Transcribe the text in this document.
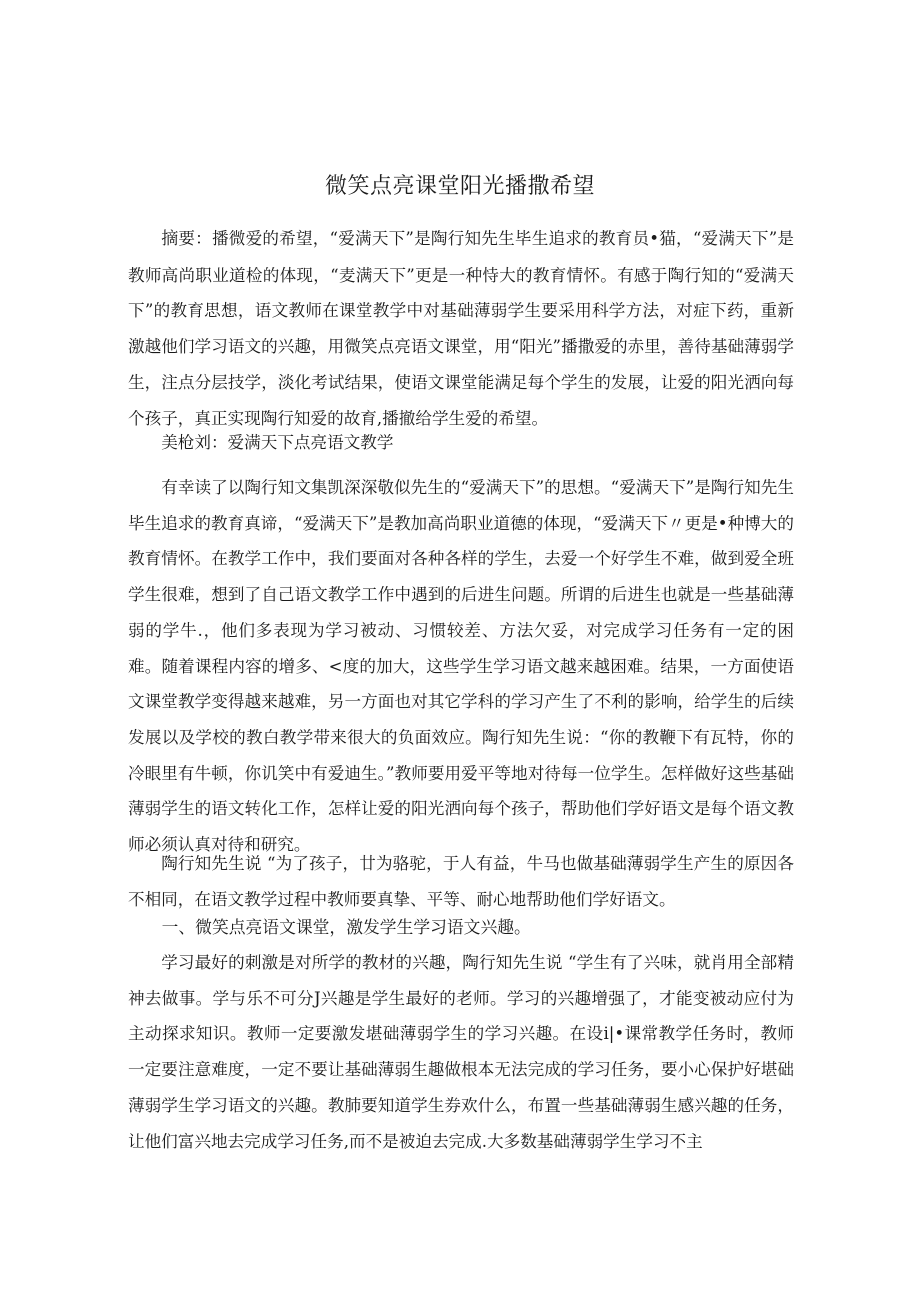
微笑点亮课堂阳光播撒希望

摘要：播微爱的希望，“爱满天下”是陶行知先生毕生追求的教育员•猫，“爱满天下”是教师高尚职业道检的体现，“麦满天下”更是一种恃大的教育情怀。有感于陶行知的“爱满天下”的教育思想，语文教师在课堂教学中对基础薄弱学生要采用科学方法，对症下药，重新激越他们学习语文的兴趣，用微笑点亮语文课堂，用“阳光”播撒爱的赤里，善待基础薄弱学生，注点分层技学，淡化考试结果，使语文课堂能满足每个学生的发展，让爱的阳光洒向每个孩子，真正实现陶行知爱的故育,播撤给学生爱的希望。

美枪刘：爱满天下点亮语文教学

有幸读了以陶行知文集凯深深敬似先生的“爱满天下”的思想。“爱满天下”是陶行知先生毕生追求的教育真谛，“爱满天下”是教加高尚职业道德的体现，“爱满天下〃更是•种博大的教育情怀。在教学工作中，我们要面对各种各样的学生，去爱一个好学生不难，做到爱全班学生很难，想到了自己语文教学工作中遇到的后进生问题。所谓的后进生也就是一些基础薄弱的学牛.，他们多表现为学习被动、习惯较差、方法欠妥，对完成学习任务有一定的困难。随着课程内容的增多、<度的加大，这些学生学习语文越来越困难。结果，一方面使语文课堂教学变得越来越难，另一方面也对其它学科的学习产生了不利的影响，给学生的后续发展以及学校的教白教学带来很大的负面效应。陶行知先生说：“你的教鞭下有瓦特，你的冷眼里有牛顿，你讥笑中有爱迪生。”教师要用爱平等地对待每一位学生。怎样做好这些基础薄弱学生的语文转化工作，怎样让爱的阳光洒向每个孩子，帮助他们学好语文是每个语文教师必须认真对待和研究。

陶行知先生说 “为了孩子，廿为骆驼，于人有益，牛马也做基础薄弱学生产生的原因各不相同，在语文教学过程中教师要真挚、平等、耐心地帮助他们学好语文。

一、微笑点亮语文课堂，激发学生学习语文兴趣。

学习最好的刺激是对所学的教材的兴趣，陶行知先生说 “学生有了兴味，就肖用全部精神去做事。学与乐不可分J兴趣是学生最好的老师。学习的兴趣增强了，才能变被动应付为主动探求知识。教师一定要激发堪础薄弱学生的学习兴趣。在设i|•课常教学任务时，教师一定要注意难度，一定不要让基础薄弱生趣做根本无法完成的学习任务，要小心保护好堪础薄弱学生学习语文的兴趣。教肺要知道学生券欢什么，布置一些基础薄弱生感兴趣的任务，让他们富兴地去完成学习任务,而不是被迫去完成.大多数基础薄弱学生学习不主
